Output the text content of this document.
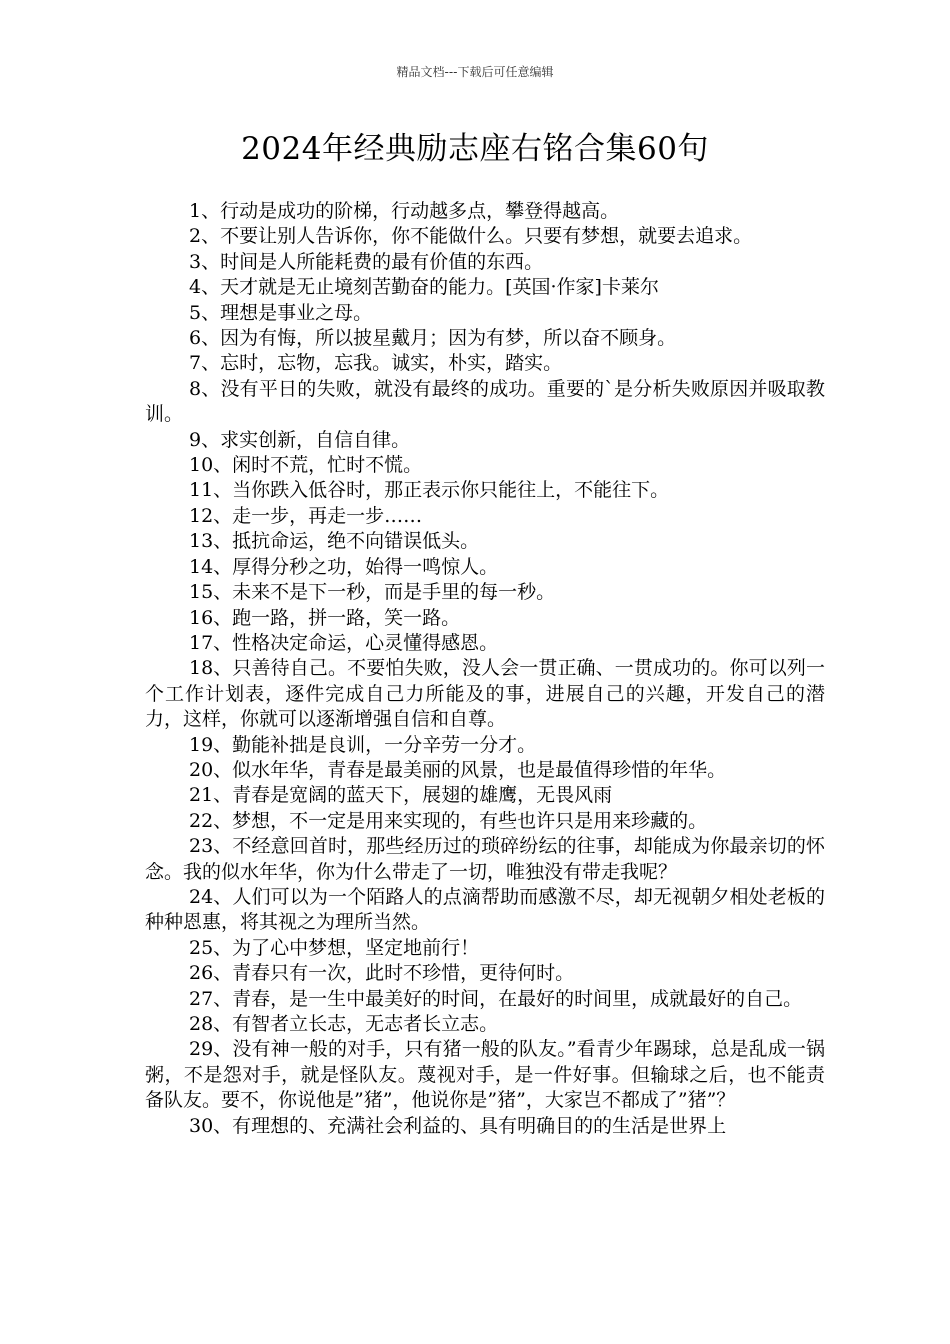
精品文档---下载后可任意编辑
2024年经典励志座右铭合集60句

1、行动是成功的阶梯，行动越多点，攀登得越高。

2、不要让别人告诉你，你不能做什么。只要有梦想，就要去追求。

3、时间是人所能耗费的最有价值的东西。

4、天才就是无止境刻苦勤奋的能力。[英国·作家]卡莱尔

5、理想是事业之母。

6、因为有悔，所以披星戴月；因为有梦，所以奋不顾身。

7、忘时，忘物，忘我。诚实，朴实，踏实。

8、没有平日的失败，就没有最终的成功。重要的`是分析失败原因并吸取教训。

9、求实创新，自信自律。

10、闲时不荒，忙时不慌。

11、当你跌入低谷时，那正表示你只能往上，不能往下。

12、走一步，再走一步……

13、抵抗命运，绝不向错误低头。

14、厚得分秒之功，始得一鸣惊人。

15、未来不是下一秒，而是手里的每一秒。

16、跑一路，拼一路，笑一路。

17、性格决定命运，心灵懂得感恩。

18、只善待自己。不要怕失败，没人会一贯正确、一贯成功的。你可以列一个工作计划表，逐件完成自己力所能及的事，进展自己的兴趣，开发自己的潜力，这样，你就可以逐渐增强自信和自尊。

19、勤能补拙是良训，一分辛劳一分才。

20、似水年华，青春是最美丽的风景，也是最值得珍惜的年华。

21、青春是宽阔的蓝天下，展翅的雄鹰，无畏风雨

22、梦想，不一定是用来实现的，有些也许只是用来珍藏的。

23、不经意回首时，那些经历过的琐碎纷纭的往事，却能成为你最亲切的怀念。我的似水年华，你为什么带走了一切，唯独没有带走我呢？

24、人们可以为一个陌路人的点滴帮助而感激不尽，却无视朝夕相处老板的种种恩惠，将其视之为理所当然。

25、为了心中梦想，坚定地前行！

26、青春只有一次，此时不珍惜，更待何时。

27、青春，是一生中最美好的时间，在最好的时间里，成就最好的自己。

28、有智者立长志，无志者长立志。

29、没有神一般的对手，只有猪一般的队友。”看青少年踢球，总是乱成一锅粥，不是怨对手，就是怪队友。蔑视对手，是一件好事。但输球之后，也不能责备队友。要不，你说他是”猪”，他说你是”猪”，大家岂不都成了”猪”？

30、有理想的、充满社会利益的、具有明确目的的生活是世界上
